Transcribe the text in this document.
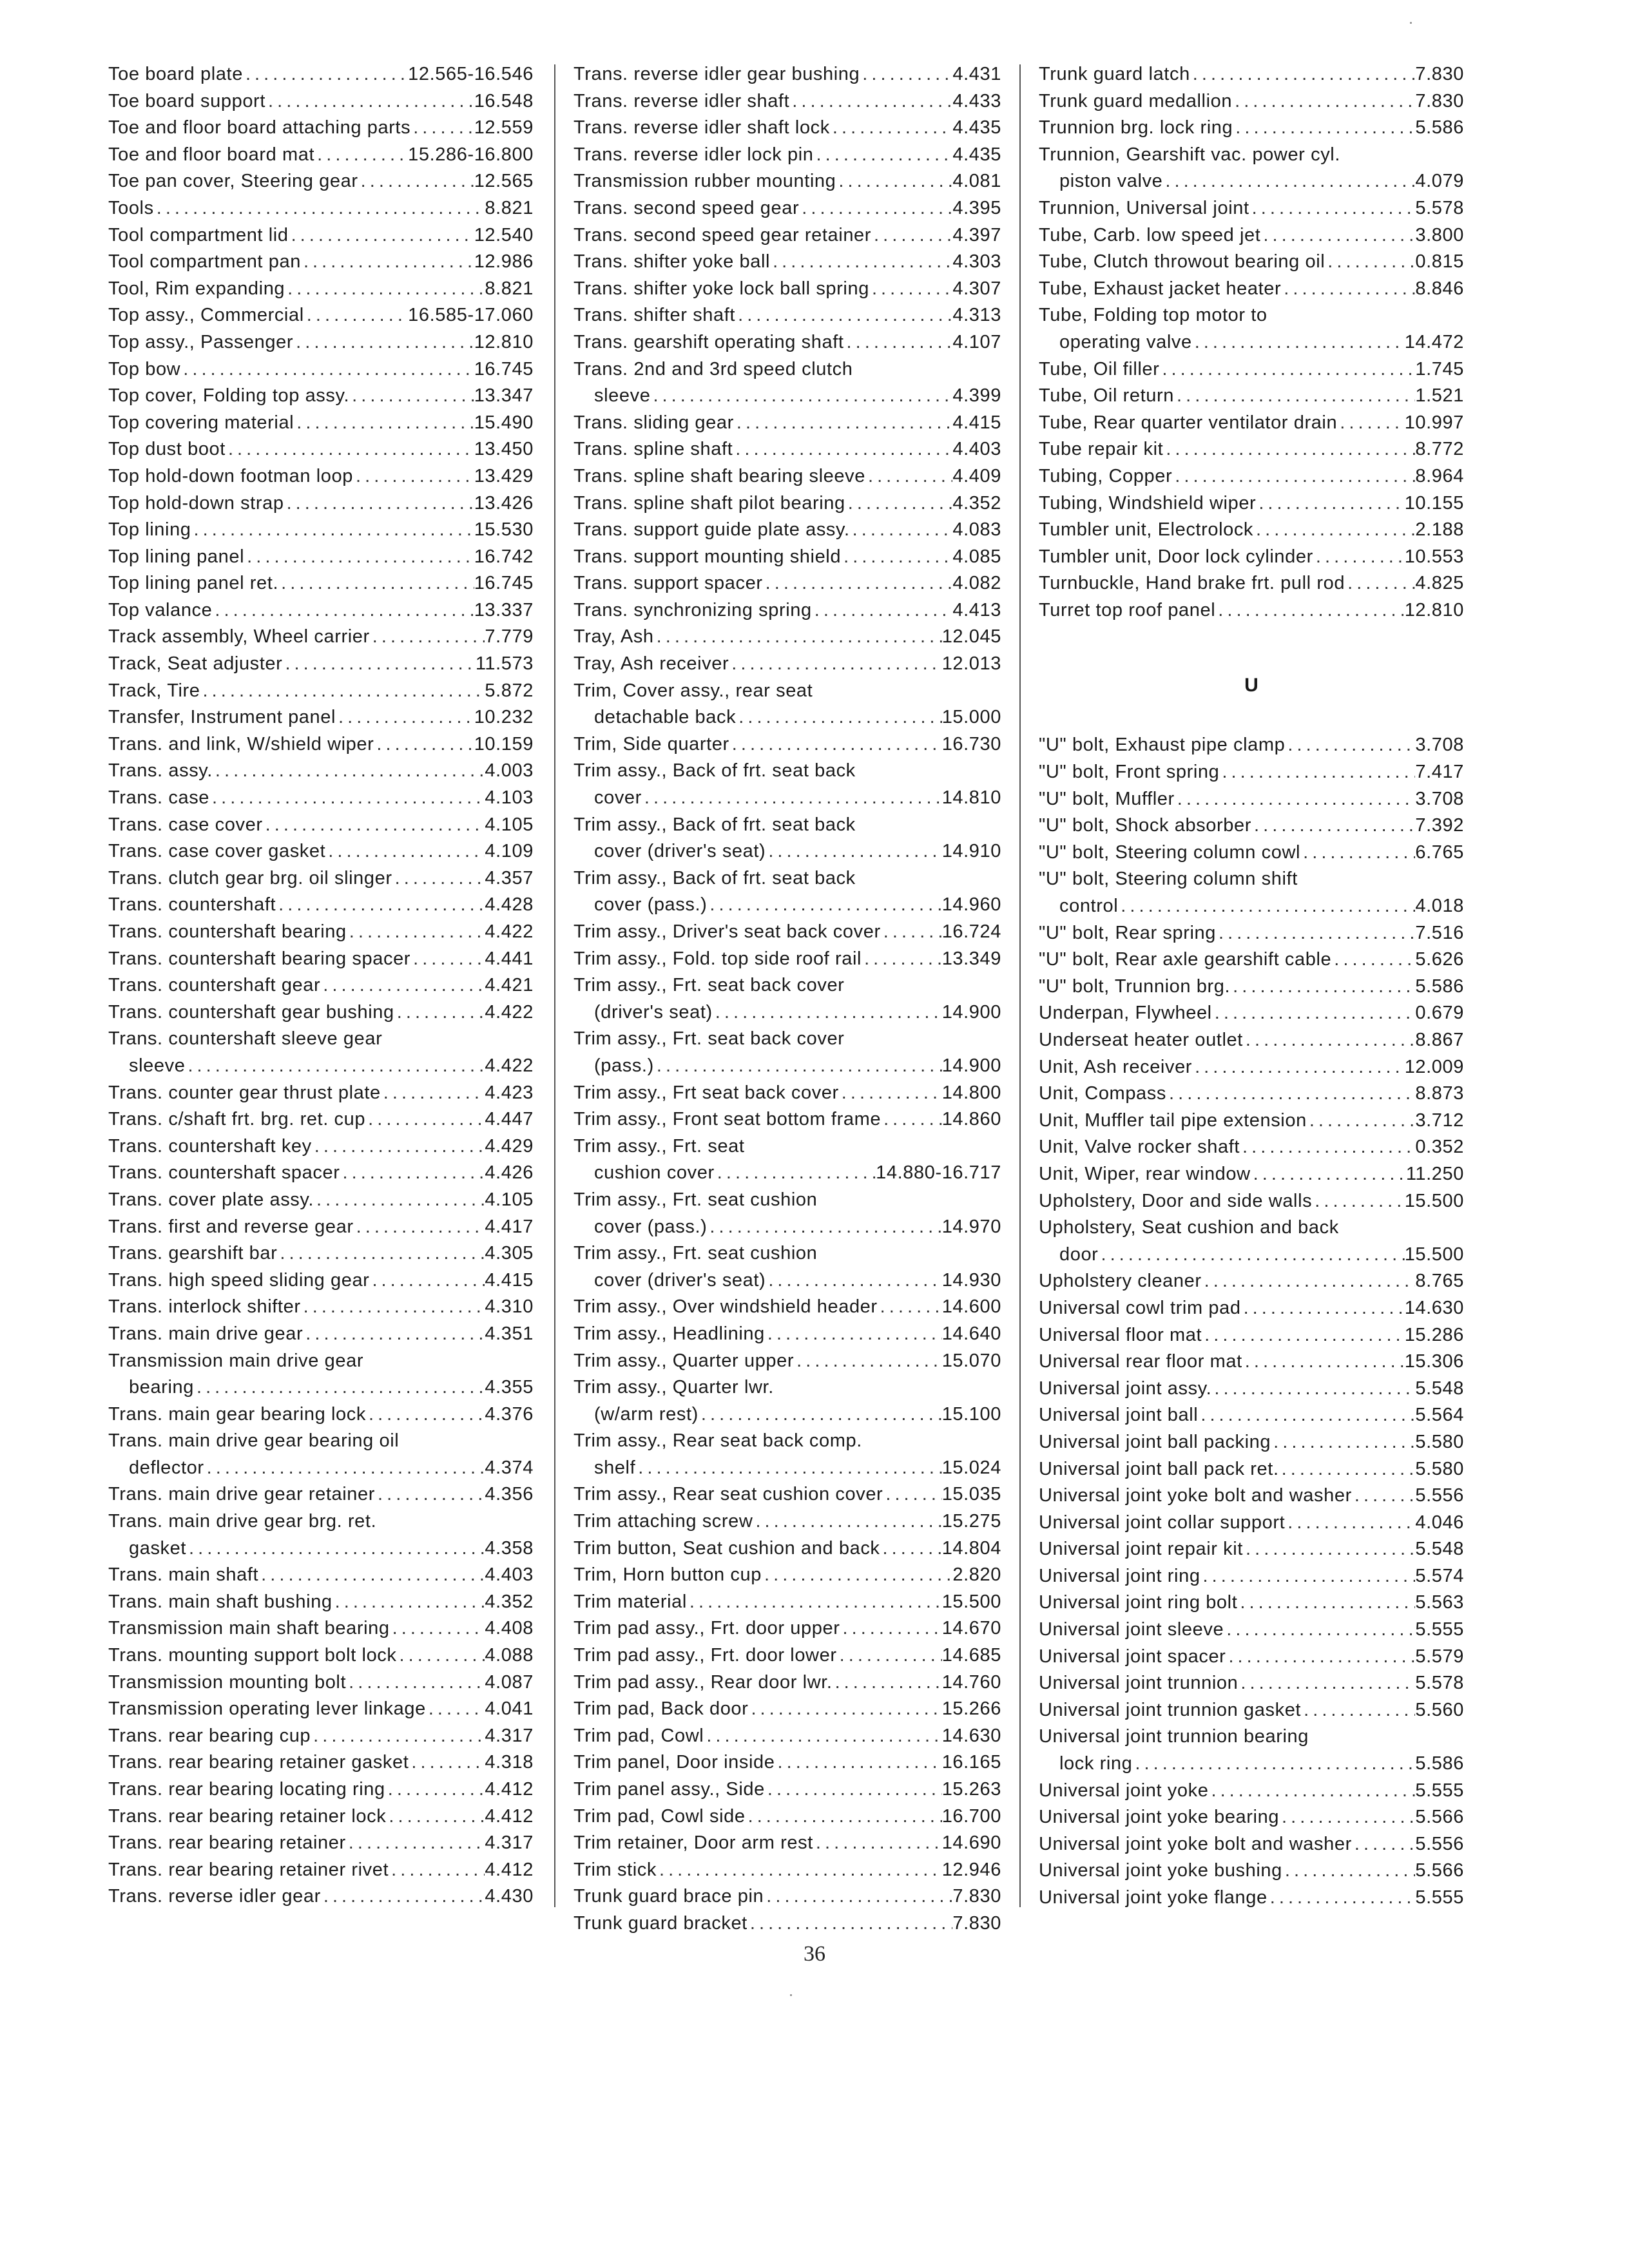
Toe board plate . . .	12.565-16.546
Toe board support . . .	16.548
Toe and floor board attaching parts . . .	12.559
Toe and floor board mat . . .	15.286-16.800
Toe pan cover, Steering gear . . .	12.565
Tools . . .	8.821
Tool compartment lid . . .	12.540
Tool compartment pan . . .	12.986
Tool, Rim expanding . . .	8.821
Top assy., Commercial . . .	16.585-17.060
Top assy., Passenger . . .	12.810
Top bow . . .	16.745
Top cover, Folding top assy. . . .	13.347
Top covering material . . .	15.490
Top dust boot . . .	13.450
Top hold-down footman loop . . .	13.429
Top hold-down strap . . .	13.426
Top lining . . .	15.530
Top lining panel . . .	16.742
Top lining panel ret. . . .	16.745
Top valance . . .	13.337
Track assembly, Wheel carrier . . .	7.779
Track, Seat adjuster . . .	11.573
Track, Tire . . .	5.872
Transfer, Instrument panel . . .	10.232
Trans. and link, W/shield wiper . . .	10.159
Trans. assy. . . .	4.003
Trans. case . . .	4.103
Trans. case cover . . .	4.105
Trans. case cover gasket . . .	4.109
Trans. clutch gear brg. oil slinger . . .	4.357
Trans. countershaft . . .	4.428
Trans. countershaft bearing . . .	4.422
Trans. countershaft bearing spacer . . .	4.441
Trans. countershaft gear . . .	4.421
Trans. countershaft gear bushing . . .	4.422
Trans. countershaft sleeve gear
sleeve . . .	4.422
Trans. counter gear thrust plate . . .	4.423
Trans. c/shaft frt. brg. ret. cup . . .	4.447
Trans. countershaft key . . .	4.429
Trans. countershaft spacer . . .	4.426
Trans. cover plate assy. . . .	4.105
Trans. first and reverse gear . . .	4.417
Trans. gearshift bar . . .	4.305
Trans. high speed sliding gear . . .	4.415
Trans. interlock shifter . . .	4.310
Trans. main drive gear . . .	4.351
Transmission main drive gear
bearing . . .	4.355
Trans. main gear bearing lock . . .	4.376
Trans. main drive gear bearing oil
deflector . . .	4.374
Trans. main drive gear retainer . . .	4.356
Trans. main drive gear brg. ret.
gasket . . .	4.358
Trans. main shaft . . .	4.403
Trans. main shaft bushing . . .	4.352
Transmission main shaft bearing . . .	4.408
Trans. mounting support bolt lock . . .	4.088
Transmission mounting bolt . . .	4.087
Transmission operating lever linkage . . .	4.041
Trans. rear bearing cup . . .	4.317
Trans. rear bearing retainer gasket . . .	4.318
Trans. rear bearing locating ring . . .	4.412
Trans. rear bearing retainer lock . . .	4.412
Trans. rear bearing retainer . . .	4.317
Trans. rear bearing retainer rivet . . .	4.412
Trans. reverse idler gear . . .	4.430
Trans. reverse idler gear bushing . . .	4.431
Trans. reverse idler shaft . . .	4.433
Trans. reverse idler shaft lock . . .	4.435
Trans. reverse idler lock pin . . .	4.435
Transmission rubber mounting . . .	4.081
Trans. second speed gear . . .	4.395
Trans. second speed gear retainer . . .	4.397
Trans. shifter yoke ball . . .	4.303
Trans. shifter yoke lock ball spring . . .	4.307
Trans. shifter shaft . . .	4.313
Trans. gearshift operating shaft . . .	4.107
Trans. 2nd and 3rd speed clutch
sleeve . . .	4.399
Trans. sliding gear . . .	4.415
Trans. spline shaft . . .	4.403
Trans. spline shaft bearing sleeve . . .	4.409
Trans. spline shaft pilot bearing . . .	4.352
Trans. support guide plate assy. . . .	4.083
Trans. support mounting shield . . .	4.085
Trans. support spacer . . .	4.082
Trans. synchronizing spring . . .	4.413
Tray, Ash . . .	12.045
Tray, Ash receiver . . .	12.013
Trim, Cover assy., rear seat
detachable back . . .	15.000
Trim, Side quarter . . .	16.730
Trim assy., Back of frt. seat back
cover . . .	14.810
Trim assy., Back of frt. seat back
cover (driver's seat) . . .	14.910
Trim assy., Back of frt. seat back
cover (pass.) . . .	14.960
Trim assy., Driver's seat back cover . . .	16.724
Trim assy., Fold. top side roof rail . . .	13.349
Trim assy., Frt. seat back cover
(driver's seat) . . .	14.900
Trim assy., Frt. seat back cover
(pass.) . . .	14.900
Trim assy., Frt seat back cover . . .	14.800
Trim assy., Front seat bottom frame . . .	14.860
Trim assy., Frt. seat
cushion cover . . .	14.880-16.717
Trim assy., Frt. seat cushion
cover (pass.) . . .	14.970
Trim assy., Frt. seat cushion
cover (driver's seat) . . .	14.930
Trim assy., Over windshield header . . .	14.600
Trim assy., Headlining . . .	14.640
Trim assy., Quarter upper . . .	15.070
Trim assy., Quarter lwr.
(w/arm rest) . . .	15.100
Trim assy., Rear seat back comp.
shelf . . .	15.024
Trim assy., Rear seat cushion cover . . .	15.035
Trim attaching screw . . .	15.275
Trim button, Seat cushion and back . . .	14.804
Trim, Horn button cup . . .	2.820
Trim material . . .	15.500
Trim pad assy., Frt. door upper . . .	14.670
Trim pad assy., Frt. door lower . . .	14.685
Trim pad assy., Rear door lwr. . . .	14.760
Trim pad, Back door . . .	15.266
Trim pad, Cowl . . .	14.630
Trim panel, Door inside . . .	16.165
Trim panel assy., Side . . .	15.263
Trim pad, Cowl side . . .	16.700
Trim retainer, Door arm rest . . .	14.690
Trim stick . . .	12.946
Trunk guard brace pin . . .	7.830
Trunk guard bracket . . .	7.830
Trunk guard latch . . .	7.830
Trunk guard medallion . . .	7.830
Trunnion brg. lock ring . . .	5.586
Trunnion, Gearshift vac. power cyl.
piston valve . . .	4.079
Trunnion, Universal joint . . .	5.578
Tube, Carb. low speed jet . . .	3.800
Tube, Clutch throwout bearing oil . . .	0.815
Tube, Exhaust jacket heater . . .	8.846
Tube, Folding top motor to
operating valve . . .	14.472
Tube, Oil filler . . .	1.745
Tube, Oil return . . .	1.521
Tube, Rear quarter ventilator drain . . .	10.997
Tube repair kit . . .	8.772
Tubing, Copper . . .	8.964
Tubing, Windshield wiper . . .	10.155
Tumbler unit, Electrolock . . .	2.188
Tumbler unit, Door lock cylinder . . .	10.553
Turnbuckle, Hand brake frt. pull rod . . .	4.825
Turret top roof panel . . .	12.810
U
"U" bolt, Exhaust pipe clamp . . .	3.708
"U" bolt, Front spring . . .	7.417
"U" bolt, Muffler . . .	3.708
"U" bolt, Shock absorber . . .	7.392
"U" bolt, Steering column cowl . . .	6.765
"U" bolt, Steering column shift
control . . .	4.018
"U" bolt, Rear spring . . .	7.516
"U" bolt, Rear axle gearshift cable . . .	5.626
"U" bolt, Trunnion brg. . . .	5.586
Underpan, Flywheel . . .	0.679
Underseat heater outlet . . .	8.867
Unit, Ash receiver . . .	12.009
Unit, Compass . . .	8.873
Unit, Muffler tail pipe extension . . .	3.712
Unit, Valve rocker shaft . . .	0.352
Unit, Wiper, rear window . . .	11.250
Upholstery, Door and side walls . . .	15.500
Upholstery, Seat cushion and back
door . . .	15.500
Upholstery cleaner . . .	8.765
Universal cowl trim pad . . .	14.630
Universal floor mat . . .	15.286
Universal rear floor mat . . .	15.306
Universal joint assy. . . .	5.548
Universal joint ball . . .	5.564
Universal joint ball packing . . .	5.580
Universal joint ball pack ret. . . .	5.580
Universal joint yoke bolt and washer . . .	5.556
Universal joint collar support . . .	4.046
Universal joint repair kit . . .	5.548
Universal joint ring . . .	5.574
Universal joint ring bolt . . .	5.563
Universal joint sleeve . . .	5.555
Universal joint spacer . . .	5.579
Universal joint trunnion . . .	5.578
Universal joint trunnion gasket . . .	5.560
Universal joint trunnion bearing
lock ring . . .	5.586
Universal joint yoke . . .	5.555
Universal joint yoke bearing . . .	5.566
Universal joint yoke bolt and washer . . .	5.556
Universal joint yoke bushing . . .	5.566
Universal joint yoke flange . . .	5.555
36
